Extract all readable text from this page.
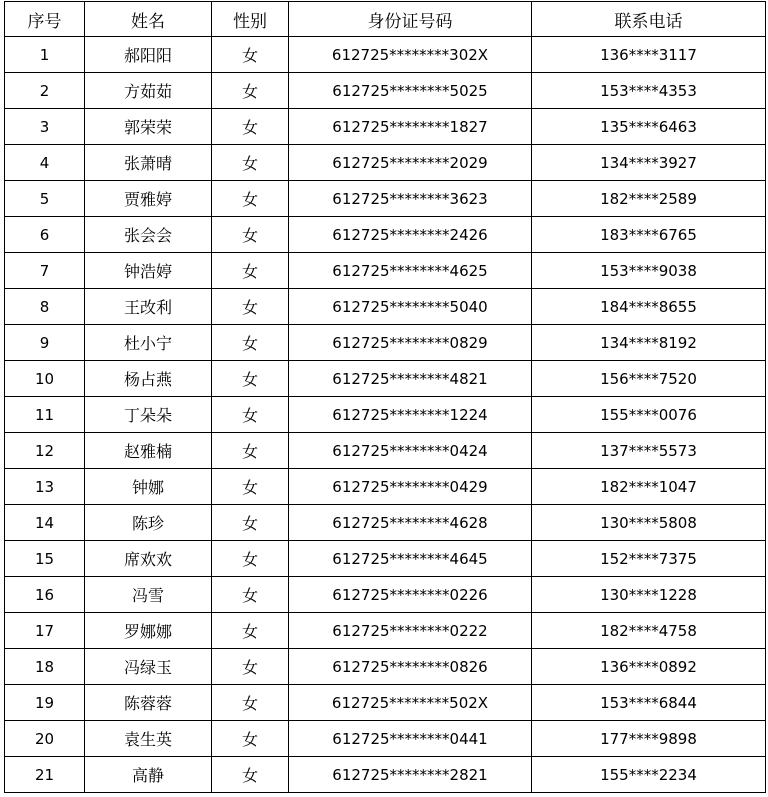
序号	姓名	性别	身份证号码	联系电话
1	郝阳阳	女	612725********302X	136****3117
2	方茹茹	女	612725********5025	153****4353
3	郭荣荣	女	612725********1827	135****6463
4	张萧晴	女	612725********2029	134****3927
5	贾雅婷	女	612725********3623	182****2589
6	张会会	女	612725********2426	183****6765
7	钟浩婷	女	612725********4625	153****9038
8	王改利	女	612725********5040	184****8655
9	杜小宁	女	612725********0829	134****8192
10	杨占燕	女	612725********4821	156****7520
11	丁朵朵	女	612725********1224	155****0076
12	赵雅楠	女	612725********0424	137****5573
13	钟娜	女	612725********0429	182****1047
14	陈珍	女	612725********4628	130****5808
15	席欢欢	女	612725********4645	152****7375
16	冯雪	女	612725********0226	130****1228
17	罗娜娜	女	612725********0222	182****4758
18	冯绿玉	女	612725********0826	136****0892
19	陈蓉蓉	女	612725********502X	153****6844
20	袁生英	女	612725********0441	177****9898
21	高静	女	612725********2821	155****2234
